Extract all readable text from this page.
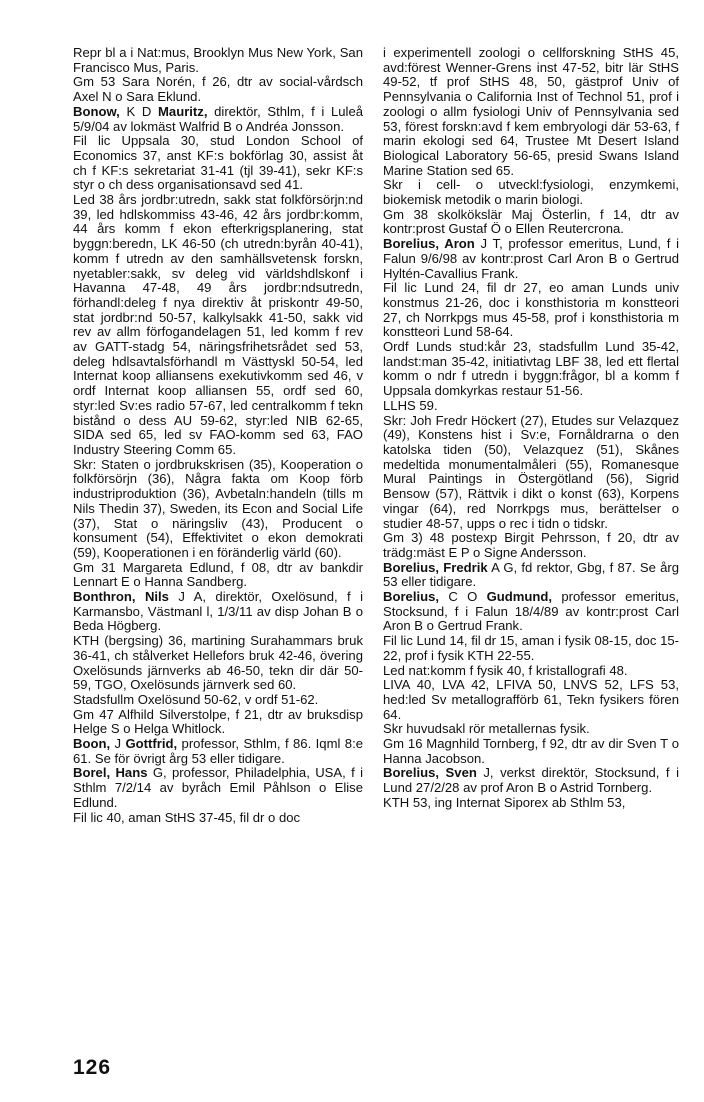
Repr bl a i Nat:mus, Brooklyn Mus New York, San Francisco Mus, Paris.

Gm 53 Sara Norén, f 26, dtr av social-vårdsch Axel N o Sara Eklund.

Bonow, K D Mauritz, direktör, Sthlm, f i Luleå 5/9/04 av lokmäst Walfrid B o Andréa Jonsson.

Fil lic Uppsala 30, stud London School of Economics 37, anst KF:s bokförlag 30, assist åt ch f KF:s sekretariat 31-41 (tjl 39-41), sekr KF:s styr o ch dess organisationsavd sed 41.

Led 38 års jordbr:utredn, sakk stat folkförsörjn:nd 39, led hdlskommiss 43-46, 42 års jordbr:komm, 44 års komm f ekon efterkrigsplanering, stat byggn:beredn, LK 46-50 (ch utredn:byrån 40-41), komm f utredn av den samhällsvetensk forskn, nyetabler:sakk, sv deleg vid världshdlskonf i Havanna 47-48, 49 års jordbr:ndsutredn, förhandl:deleg f nya direktiv åt priskontr 49-50, stat jordbr:nd 50-57, kalkylsakk 41-50, sakk vid rev av allm förfogandelagen 51, led komm f rev av GATT-stadg 54, näringsfrihetsrådet sed 53, deleg hdlsavtalsförhandl m Västtyskl 50-54, led Internat koop alliansens exekutivkomm sed 46, v ordf Internat koop alliansen 55, ordf sed 60, styr:led Sv:es radio 57-67, led centralkomm f tekn bistånd o dess AU 59-62, styr:led NIB 62-65, SIDA sed 65, led sv FAO-komm sed 63, FAO Industry Steering Comm 65.

Skr: Staten o jordbrukskrisen (35), Kooperation o folkförsörjn (36), Några fakta om Koop förb industriproduktion (36), Avbetaln:handeln (tills m Nils Thedin 37), Sweden, its Econ and Social Life (37), Stat o näringsliv (43), Producent o konsument (54), Effektivitet o ekon demokrati (59), Kooperationen i en föränderlig värld (60).

Gm 31 Margareta Edlund, f 08, dtr av bankdir Lennart E o Hanna Sandberg.

Bonthron, Nils J A, direktör, Oxelösund, f i Karmansbo, Västmanl l, 1/3/11 av disp Johan B o Beda Högberg.

KTH (bergsing) 36, martining Surahammars bruk 36-41, ch stålverket Hellefors bruk 42-46, övering Oxelösunds järnverks ab 46-50, tekn dir där 50-59, TGO, Oxelösunds järnverk sed 60.

Stadsfullm Oxelösund 50-62, v ordf 51-62.

Gm 47 Alfhild Silverstolpe, f 21, dtr av bruksdisp Helge S o Helga Whitlock.

Boon, J Gottfrid, professor, Sthlm, f 86. Iqml 8:e 61. Se för övrigt årg 53 eller tidigare.

Borel, Hans G, professor, Philadelphia, USA, f i Sthlm 7/2/14 av byråch Emil Påhlson o Elise Edlund.

Fil lic 40, aman StHS 37-45, fil dr o doc

i experimentell zoologi o cellforskning StHS 45, avd:förest Wenner-Grens inst 47-52, bitr lär StHS 49-52, tf prof StHS 48, 50, gästprof Univ of Pennsylvania o California Inst of Technol 51, prof i zoologi o allm fysiologi Univ of Pennsylvania sed 53, förest forskn:avd f kem embryologi där 53-63, f marin ekologi sed 64, Trustee Mt Desert Island Biological Laboratory 56-65, presid Swans Island Marine Station sed 65.

Skr i cell- o utveckl:fysiologi, enzymkemi, biokemisk metodik o marin biologi.

Gm 38 skolkökslär Maj Österlin, f 14, dtr av kontr:prost Gustaf Ö o Ellen Reutercrona.

Borelius, Aron J T, professor emeritus, Lund, f i Falun 9/6/98 av kontr:prost Carl Aron B o Gertrud Hyltén-Cavallius Frank.

Fil lic Lund 24, fil dr 27, eo aman Lunds univ konstmus 21-26, doc i konsthistoria m konstteori 27, ch Norrkpgs mus 45-58, prof i konsthistoria m konstteori Lund 58-64.

Ordf Lunds stud:kår 23, stadsfullm Lund 35-42, landst:man 35-42, initiativtag LBF 38, led ett flertal komm o ndr f utredn i byggn:frågor, bl a komm f Uppsala domkyrkas restaur 51-56.

LLHS 59.

Skr: Joh Fredr Höckert (27), Etudes sur Velazquez (49), Konstens hist i Sv:e, Fornåldrarna o den katolska tiden (50), Velazquez (51), Skånes medeltida monumentalmåleri (55), Romanesque Mural Paintings in Östergötland (56), Sigrid Bensow (57), Rättvik i dikt o konst (63), Korpens vingar (64), red Norrkpgs mus, berättelser o studier 48-57, upps o rec i tidn o tidskr.

Gm 3) 48 postexp Birgit Pehrsson, f 20, dtr av trädg:mäst E P o Signe Andersson.

Borelius, Fredrik A G, fd rektor, Gbg, f 87. Se årg 53 eller tidigare.

Borelius, C O Gudmund, professor emeritus, Stocksund, f i Falun 18/4/89 av kontr:prost Carl Aron B o Gertrud Frank.

Fil lic Lund 14, fil dr 15, aman i fysik 08-15, doc 15-22, prof i fysik KTH 22-55.

Led nat:komm f fysik 40, f kristallografi 48.

LIVA 40, LVA 42, LFIVA 50, LNVS 52, LFS 53, hed:led Sv metallografförb 61, Tekn fysikers fören 64.

Skr huvudsakl rör metallernas fysik.

Gm 16 Magnhild Tornberg, f 92, dtr av dir Sven T o Hanna Jacobson.

Borelius, Sven J, verkst direktör, Stocksund, f i Lund 27/2/28 av prof Aron B o Astrid Tornberg.

KTH 53, ing Internat Siporex ab Sthlm 53,

126
